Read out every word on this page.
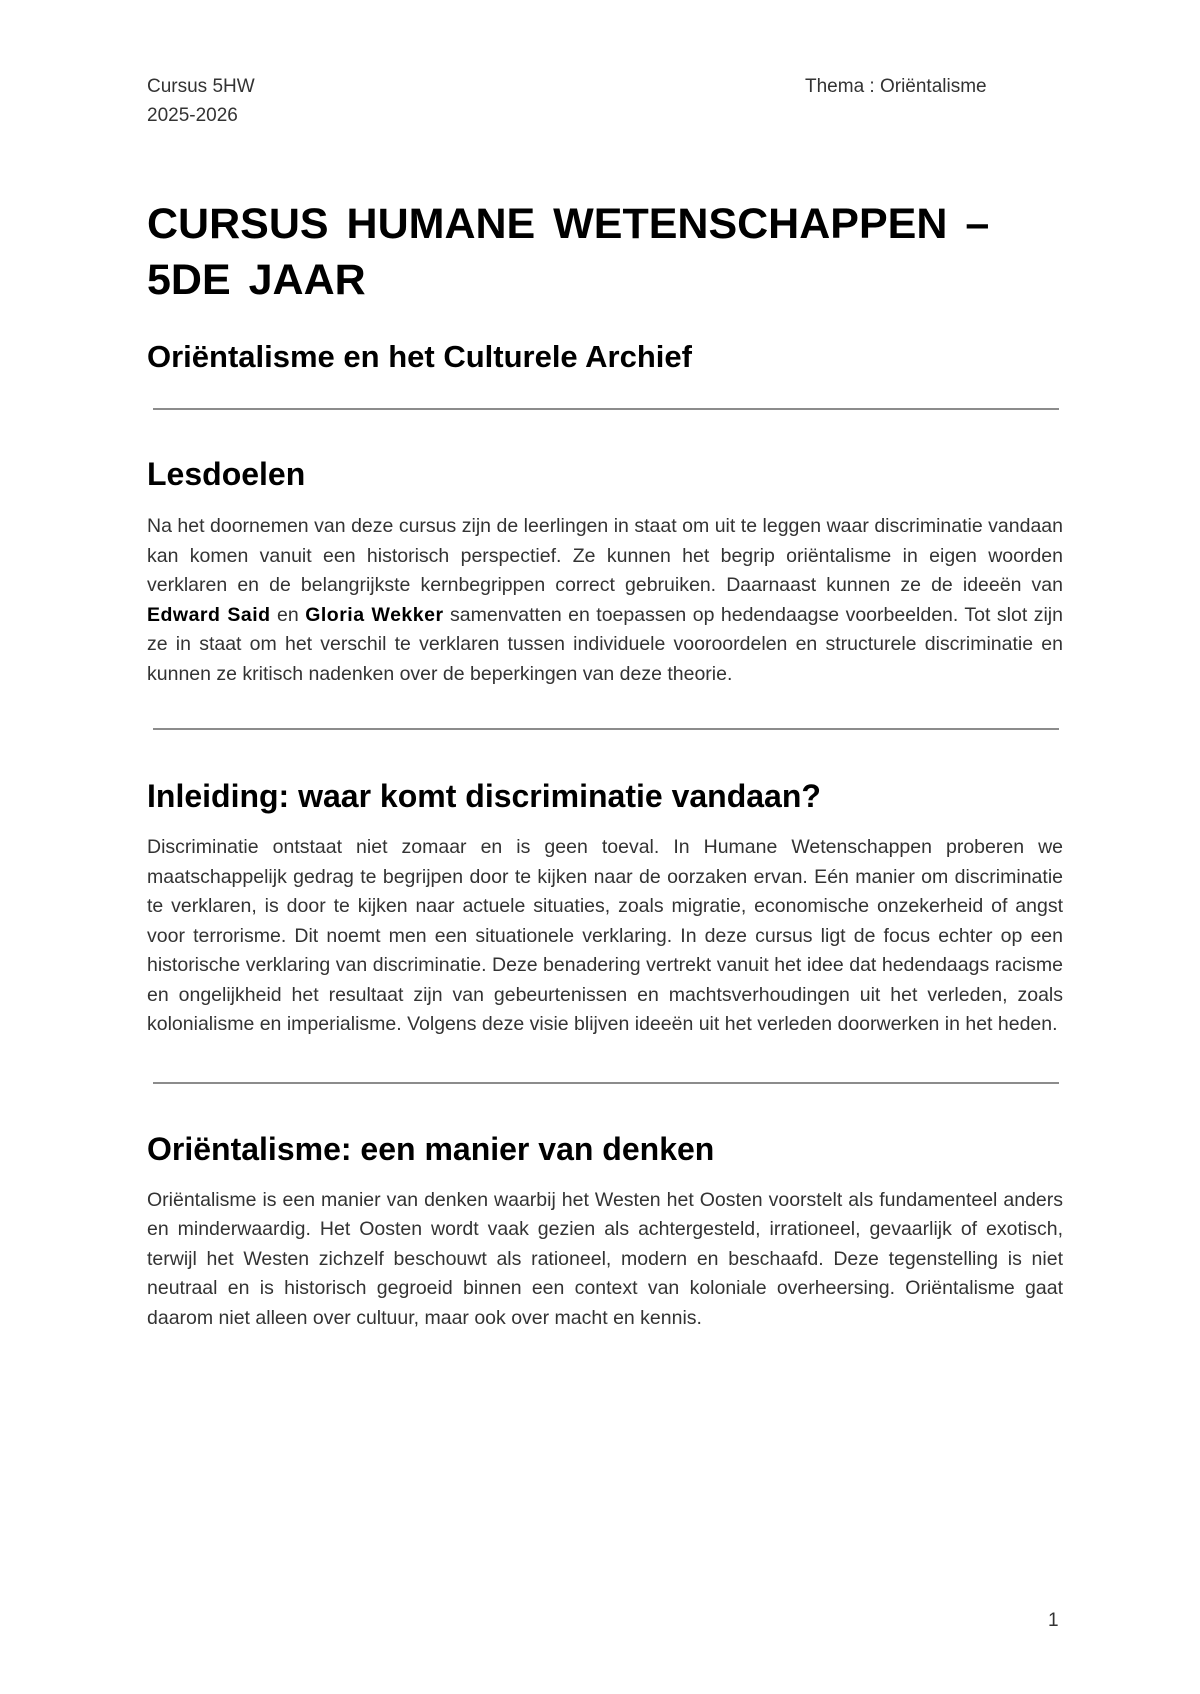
Cursus 5HW
2025-2026
Thema : Oriëntalisme
CURSUS HUMANE WETENSCHAPPEN – 5DE JAAR
Oriëntalisme en het Culturele Archief
Lesdoelen

Na het doornemen van deze cursus zijn de leerlingen in staat om uit te leggen waar discriminatie vandaan kan komen vanuit een historisch perspectief. Ze kunnen het begrip oriëntalisme in eigen woorden verklaren en de belangrijkste kernbegrippen correct gebruiken. Daarnaast kunnen ze de ideeën van Edward Said en Gloria Wekker samenvatten en toepassen op hedendaagse voorbeelden. Tot slot zijn ze in staat om het verschil te verklaren tussen individuele vooroordelen en structurele discriminatie en kunnen ze kritisch nadenken over de beperkingen van deze theorie.

Inleiding: waar komt discriminatie vandaan?

Discriminatie ontstaat niet zomaar en is geen toeval. In Humane Wetenschappen proberen we maatschappelijk gedrag te begrijpen door te kijken naar de oorzaken ervan. Eén manier om discriminatie te verklaren, is door te kijken naar actuele situaties, zoals migratie, economische onzekerheid of angst voor terrorisme. Dit noemt men een situationele verklaring. In deze cursus ligt de focus echter op een historische verklaring van discriminatie. Deze benadering vertrekt vanuit het idee dat hedendaags racisme en ongelijkheid het resultaat zijn van gebeurtenissen en machtsverhoudingen uit het verleden, zoals kolonialisme en imperialisme. Volgens deze visie blijven ideeën uit het verleden doorwerken in het heden.

Oriëntalisme: een manier van denken

Oriëntalisme is een manier van denken waarbij het Westen het Oosten voorstelt als fundamenteel anders en minderwaardig. Het Oosten wordt vaak gezien als achtergesteld, irrationeel, gevaarlijk of exotisch, terwijl het Westen zichzelf beschouwt als rationeel, modern en beschaafd. Deze tegenstelling is niet neutraal en is historisch gegroeid binnen een context van koloniale overheersing. Oriëntalisme gaat daarom niet alleen over cultuur, maar ook over macht en kennis.

1
